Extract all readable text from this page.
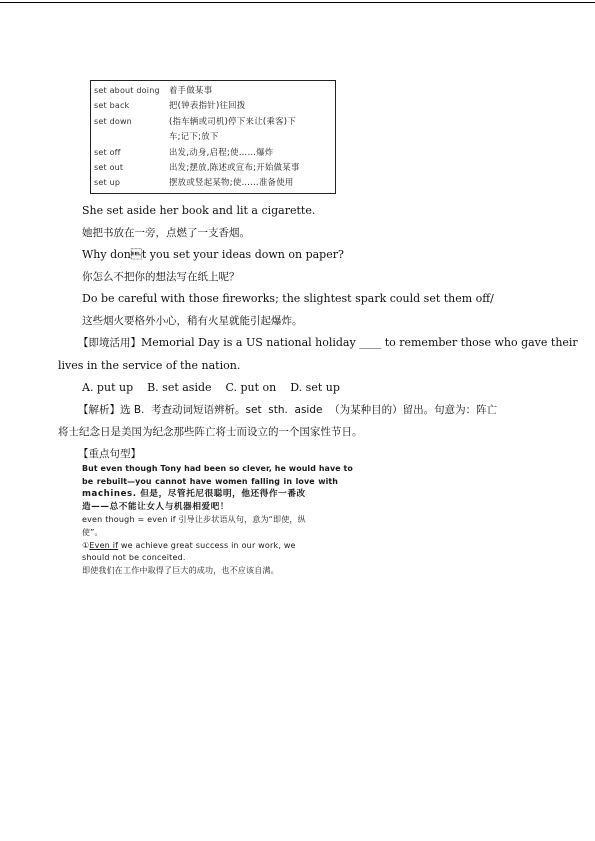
set about doing	着手做某事
set back	把(钟表指针)往回拨
set down	(指车辆或司机)停下来让(乘客)下
	车;记下;放下
set off	出发,动身,启程;使……爆炸
set out	出发;摆放,陈述或宣布;开始做某事
set up	摆放或竖起某物;使……准备使用
She set aside her book and lit a cigarette.
她把书放在一旁，点燃了一支香烟。
Why dont you set your ideas down on paper?
你怎么不把你的想法写在纸上呢？
Do be careful with those fireworks; the slightest spark could set them off/
这些烟火要格外小心，稍有火星就能引起爆炸。
【即境活用】Memorial Day is a US national holiday ____ to remember those who gave their
lives in the service of the nation.
A. put up    B. set aside    C. put on    D. set up
【解析】选 B.  考查动词短语辨析。set  sth.  aside  （为某种目的）留出。句意为：阵亡
将士纪念日是美国为纪念那些阵亡将士而设立的一个国家性节日。
【重点句型】
But even though Tony had been so clever, he would have to
be rebuilt—you cannot have women falling in love with
machines. 但是，尽管托尼很聪明，他还得作一番改
造——总不能让女人与机器相爱吧！
even though = even if 引导让步状语从句，意为“即使，纵
使”。
①Even if we achieve great success in our work, we
should not be conceited.
即使我们在工作中取得了巨大的成功，也不应该自满。
